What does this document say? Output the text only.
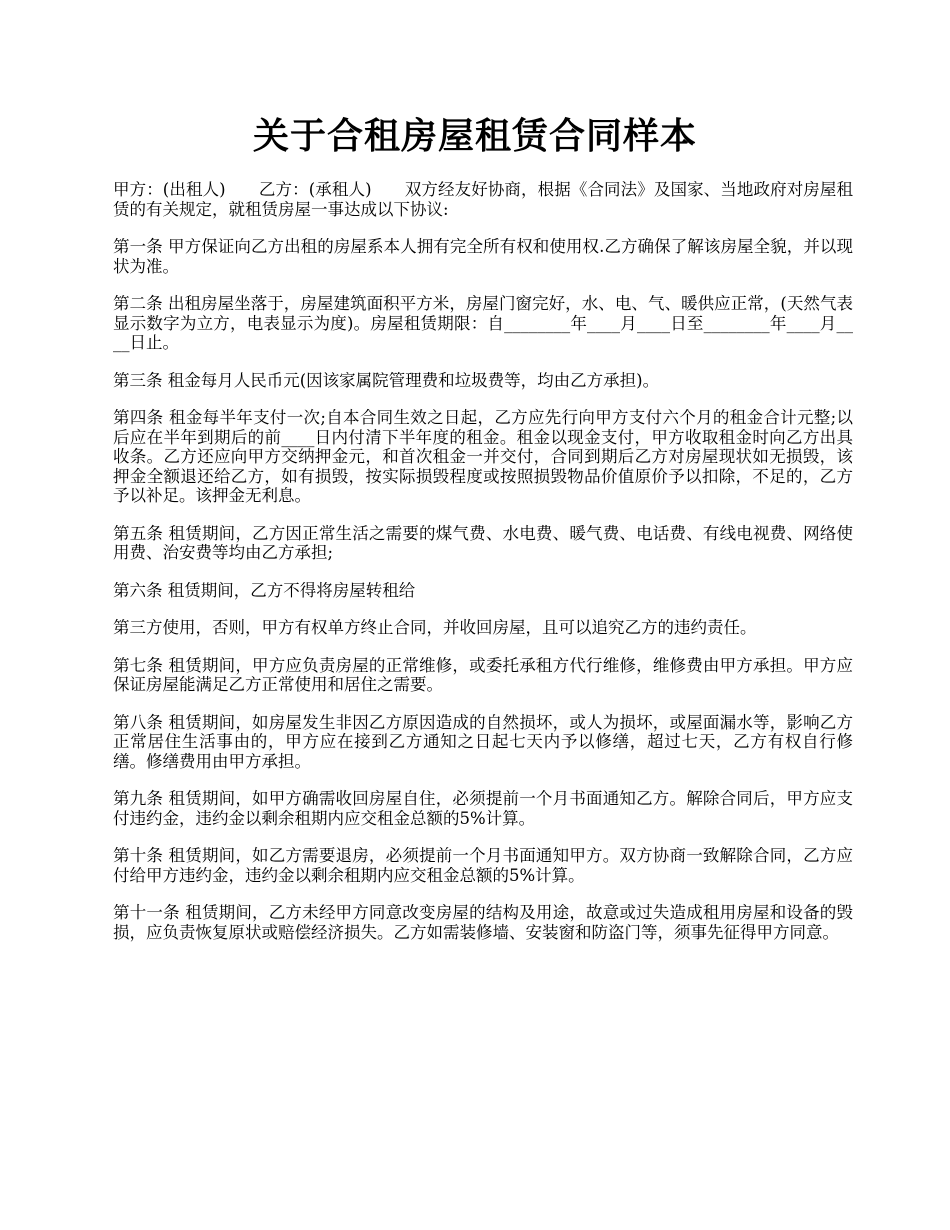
关于合租房屋租赁合同样本

甲方：(出租人)　　乙方：(承租人)　　双方经友好协商，根据《合同法》及国家、当地政府对房屋租赁的有关规定，就租赁房屋一事达成以下协议:

第一条 甲方保证向乙方出租的房屋系本人拥有完全所有权和使用权.乙方确保了解该房屋全貌，并以现状为准。

第二条 出租房屋坐落于，房屋建筑面积平方米，房屋门窗完好，水、电、气、暖供应正常，(天然气表显示数字为立方，电表显示为度)。房屋租赁期限：自________年____月____日至________年____月____日止。

第三条 租金每月人民币元(因该家属院管理费和垃圾费等，均由乙方承担)。

第四条 租金每半年支付一次;自本合同生效之日起，乙方应先行向甲方支付六个月的租金合计元整;以后应在半年到期后的前____日内付清下半年度的租金。租金以现金支付，甲方收取租金时向乙方出具收条。乙方还应向甲方交纳押金元，和首次租金一并交付，合同到期后乙方对房屋现状如无损毁，该押金全额退还给乙方，如有损毁，按实际损毁程度或按照损毁物品价值原价予以扣除，不足的，乙方予以补足。该押金无利息。

第五条 租赁期间，乙方因正常生活之需要的煤气费、水电费、暖气费、电话费、有线电视费、网络使用费、治安费等均由乙方承担;

第六条 租赁期间，乙方不得将房屋转租给

第三方使用，否则，甲方有权单方终止合同，并收回房屋，且可以追究乙方的违约责任。

第七条 租赁期间，甲方应负责房屋的正常维修，或委托承租方代行维修，维修费由甲方承担。甲方应保证房屋能满足乙方正常使用和居住之需要。

第八条 租赁期间，如房屋发生非因乙方原因造成的自然损坏，或人为损坏，或屋面漏水等，影响乙方正常居住生活事由的，甲方应在接到乙方通知之日起七天内予以修缮，超过七天，乙方有权自行修缮。修缮费用由甲方承担。

第九条 租赁期间，如甲方确需收回房屋自住，必须提前一个月书面通知乙方。解除合同后，甲方应支付违约金，违约金以剩余租期内应交租金总额的5%计算。

第十条 租赁期间，如乙方需要退房，必须提前一个月书面通知甲方。双方协商一致解除合同，乙方应付给甲方违约金，违约金以剩余租期内应交租金总额的5%计算。

第十一条 租赁期间，乙方未经甲方同意改变房屋的结构及用途，故意或过失造成租用房屋和设备的毁损，应负责恢复原状或赔偿经济损失。乙方如需装修墙、安装窗和防盗门等，须事先征得甲方同意。
